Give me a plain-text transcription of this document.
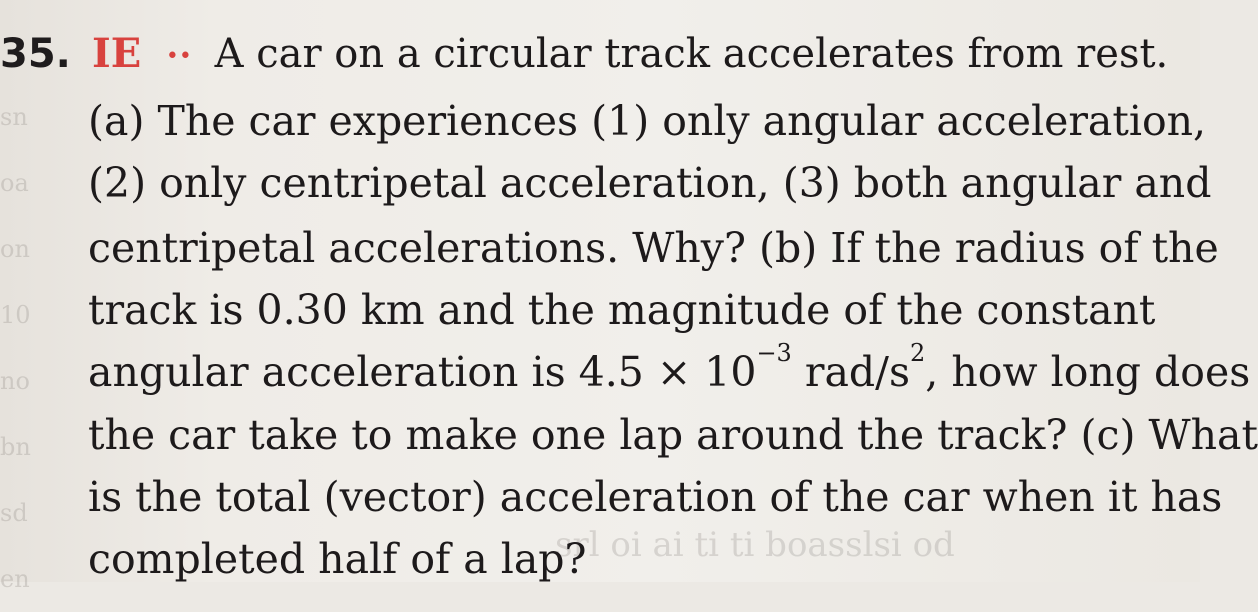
sn
oa
on
10
no
bn
sd
en
srl oi ai ti ti boasslsi od
35. IE •• A car on a circular track accelerates from rest.
(a) The car experiences (1) only angular acceleration,
(2) only centripetal acceleration, (3) both angular and
centripetal accelerations. Why? (b) If the radius of the
track is 0.30 km and the magnitude of the constant
angular acceleration is $4.5 \times 10^{-3}$ rad/$s^2$, how long does
the car take to make one lap around the track? (c) What
is the total (vector) acceleration of the car when it has
completed half of a lap?
